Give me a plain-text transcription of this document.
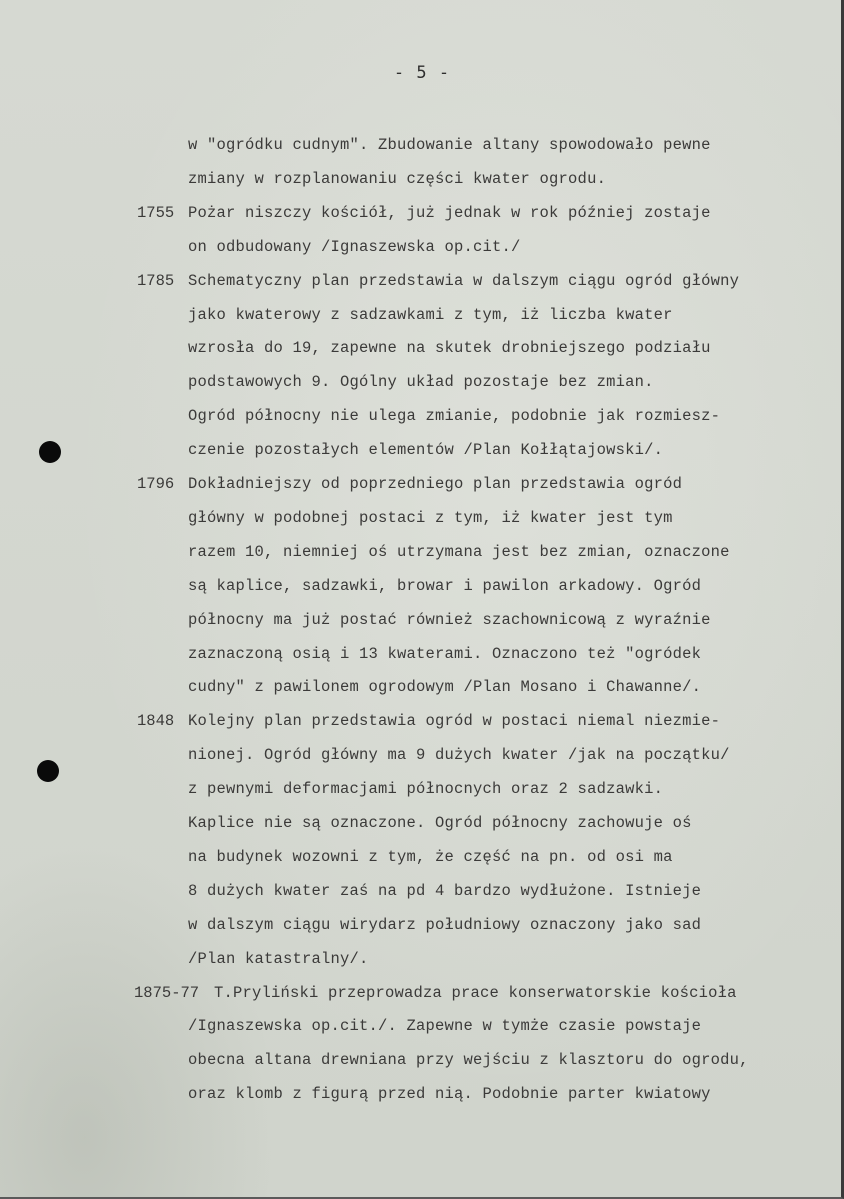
- 5 -
w "ogródku cudnym". Zbudowanie altany spowodowało pewne
zmiany w rozplanowaniu części kwater ogrodu.
1755 Pożar niszczy kościół, już jednak w rok później zostaje
on odbudowany /Ignaszewska op.cit./
1785 Schematyczny plan przedstawia w dalszym ciągu ogród główny
jako kwaterowy z sadzawkami z tym, iż liczba kwater
wzrosła do 19, zapewne na skutek drobniejszego podziału
podstawowych 9. Ogólny układ pozostaje bez zmian.
Ogród północny nie ulega zmianie, podobnie jak rozmiesz-
czenie pozostałych elementów /Plan Kołłątajowski/.
1796 Dokładniejszy od poprzedniego plan przedstawia ogród
główny w podobnej postaci z tym, iż kwater jest tym
razem 10, niemniej oś utrzymana jest bez zmian, oznaczone
są kaplice, sadzawki, browar i pawilon arkadowy. Ogród
północny ma już postać również szachownicową z wyraźnie
zaznaczoną osią i 13 kwaterami. Oznaczono też "ogródek
cudny" z pawilonem ogrodowym /Plan Mosano i Chawanne/.
1848 Kolejny plan przedstawia ogród w postaci niemal niezmie-
nionej. Ogród główny ma 9 dużych kwater /jak na początku/
z pewnymi deformacjami północnych oraz 2 sadzawki.
Kaplice nie są oznaczone. Ogród północny zachowuje oś
na budynek wozowni z tym, że część na pn. od osi ma
8 dużych kwater zaś na pd 4 bardzo wydłużone. Istnieje
w dalszym ciągu wirydarz południowy oznaczony jako sad
/Plan katastralny/.
1875-77 T.Pryliński przeprowadza prace konserwatorskie kościoła
/Ignaszewska op.cit./. Zapewne w tymże czasie powstaje
obecna altana drewniana przy wejściu z klasztoru do ogrodu,
oraz klomb z figurą przed nią. Podobnie parter kwiatowy
